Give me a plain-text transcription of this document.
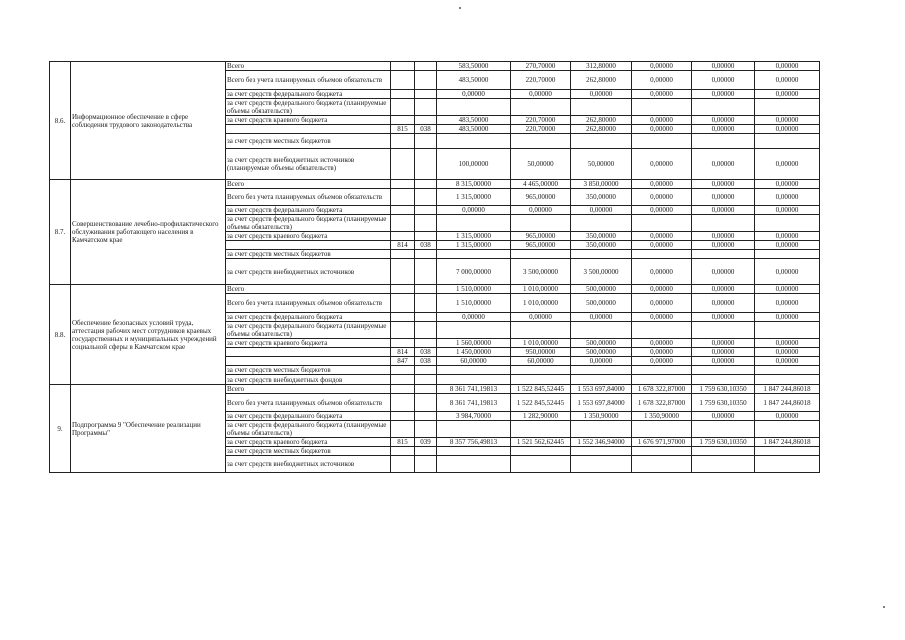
8.6.	Информационное обеспечение в сфере соблюдения трудового законодательства	Всего			583,50000	270,70000	312,80000	0,00000	0,00000	0,00000
		Всего без учета планируемых объемов обязательств			483,50000	220,70000	262,80000	0,00000	0,00000	0,00000
		за счет средств федерального бюджета			0,00000	0,00000	0,00000	0,00000	0,00000	0,00000
		за счет средств федерального бюджета (планируемые объемы обязательств)								
		за счет средств краевого бюджета			483,50000	220,70000	262,80000	0,00000	0,00000	0,00000
			815	038	483,50000	220,70000	262,80000	0,00000	0,00000	0,00000
		за счет средств местных бюджетов								
		за счет средств внебюджетных источников (планируемые объемы обязательств)			100,00000	50,00000	50,00000	0,00000	0,00000	0,00000
8.7.	Совершенствование лечебно-профилактического обслуживания работающего населения в Камчатском крае	Всего			8 315,00000	4 465,00000	3 850,00000	0,00000	0,00000	0,00000
		Всего без учета планируемых объемов обязательств			1 315,00000	965,00000	350,00000	0,00000	0,00000	0,00000
		за счет средств федерального бюджета			0,00000	0,00000	0,00000	0,00000	0,00000	0,00000
		за счет средств федерального бюджета (планируемые объемы обязательств)								
		за счет средств краевого бюджета			1 315,00000	965,00000	350,00000	0,00000	0,00000	0,00000
			814	038	1 315,00000	965,00000	350,00000	0,00000	0,00000	0,00000
		за счет средств местных бюджетов								
		за счет средств внебюджетных источников			7 000,00000	3 500,00000	3 500,00000	0,00000	0,00000	0,00000
8.8.	Обеспечение безопасных условий труда, аттестация рабочих мест сотрудников краевых государственных и муниципальных учреждений социальной сферы в Камчатском крае	Всего			1 510,00000	1 010,00000	500,00000	0,00000	0,00000	0,00000
		Всего без учета планируемых объемов обязательств			1 510,00000	1 010,00000	500,00000	0,00000	0,00000	0,00000
		за счет средств федерального бюджета			0,00000	0,00000	0,00000	0,00000	0,00000	0,00000
		за счет средств федерального бюджета (планируемые объемы обязательств)								
		за счет средств краевого бюджета			1 560,00000	1 010,00000	500,00000	0,00000	0,00000	0,00000
			814	038	1 450,00000	950,00000	500,00000	0,00000	0,00000	0,00000
			847	038	60,00000	60,00000	0,00000	0,00000	0,00000	0,00000
		за счет средств местных бюджетов								
		за счет средств внебюджетных фондов								
9.	Подпрограмма 9 "Обеспечение реализации Программы"	Всего			8 361 741,19813	1 522 845,52445	1 553 697,84000	1 678 322,87000	1 759 630,10350	1 847 244,86018
		Всего без учета планируемых объемов обязательств			8 361 741,19813	1 522 845,52445	1 553 697,84000	1 678 322,87000	1 759 630,10350	1 847 244,86018
		за счет средств федерального бюджета			3 984,70000	1 282,90000	1 350,90000	1 350,90000	0,00000	0,00000
		за счет средств федерального бюджета (планируемые объемы обязательств)								
		за счет средств краевого бюджета	815	039	8 357 756,49813	1 521 562,62445	1 552 346,94000	1 676 971,97000	1 759 630,10350	1 847 244,86018
		за счет средств местных бюджетов								
		за счет средств внебюджетных источников								
